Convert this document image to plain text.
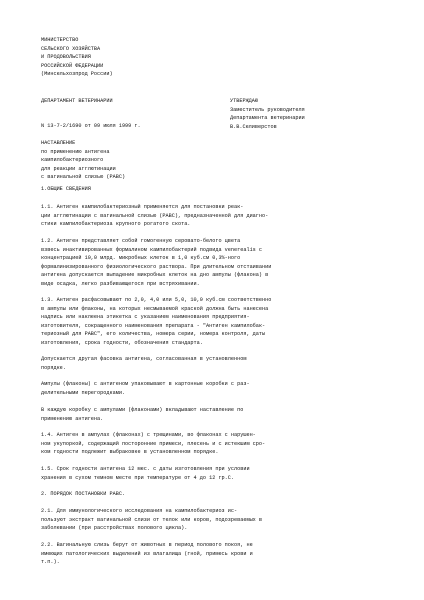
МИНИСТЕРСТВО
СЕЛЬСКОГО ХОЗЯЙСТВА
И ПРОДОВОЛЬСТВИЯ
РОССИЙСКОЙ ФЕДЕРАЦИИ
(Минсельхозпрод России)

ДЕПАРТАМЕНТ ВЕТЕРИНАРИИ	УТВЕРЖДАЮ
Заместитель руководителя
Департамента ветеринарии
В.В.Селиверстов

N 13-7-2/1690 от 09 июля 1999 г.

НАСТАВЛЕНИЕ
по применению антигена
кампилобактериозного
для реакции агглютинации
с вагинальной слизью (РАВС)

1.ОБЩИЕ СВЕДЕНИЯ

1.1. Антиген кампилобактериозный применяется для постановки реак-
ции агглютинации с вагинальной слизью (РАВС), предназначенной для диагно-
стики кампилобактериоза крупного рогатого скота.

1.2. Антиген представляет собой гомогенную серовато-белого цвета
взвесь инактивированных формалином кампилобактерий подвида venerealis с
концентрацией 10,0 млрд. микробных клеток в 1,0 куб.см 0,3%-ного
формалинизированного физиологического раствора. При длительном отстаивании
антигена допускается выпадение микробных клеток на дно ампулы (флакона) в
виде осадка, легко разбивающегося при встряхивании.

1.3. Антиген расфасовывают по 2,0, 4,0 или 5,0, 10,0 куб.см соответственно
в ампулы или флаконы, на которых несмываемой краской должна быть нанесена
надпись или наклеена этикетка с указанием наименования предприятия-
изготовителя, сокращенного наименования препарата - "Антиген кампилобак-
териозный для РАВС", его количества, номера серии, номера контроля, даты
изготовления, срока годности, обозначения стандарта.

Допускается другая фасовка антигена, согласованная в установленном
порядке.

Ампулы (флаконы) с антигеном упаковывают в картонные коробки с раз-
делительными перегородками.

В каждую коробку с ампулами (флаконами) вкладывают наставление по
применению антигена.

1.4. Антиген в ампулах (флаконах) с трещинами, во флаконах с нарушен-
ном укупоркой, содержащий посторонние примеси, плесень и с истекшим сро-
ком годности подлежит выбраковке в установленном порядке.

1.5. Срок годности антигена 12 мес. с даты изготовления при условии
хранения в сухом темном месте при температуре от 4 до 12 гр.С.

2. ПОРЯДОК ПОСТАНОВКИ РАВС.

2.1. Для иммунологического исследования на кампилобактериоз ис-
пользуют экстракт вагинальной слизи от телок или коров, подозреваемых в
заболевании (при расстройствах полового цикла).

2.2. Вагинальную слизь берут от животных в период полового покоя, не
имеющих патологических выделений из влагалища (гной, примесь крови и
т.п.).
